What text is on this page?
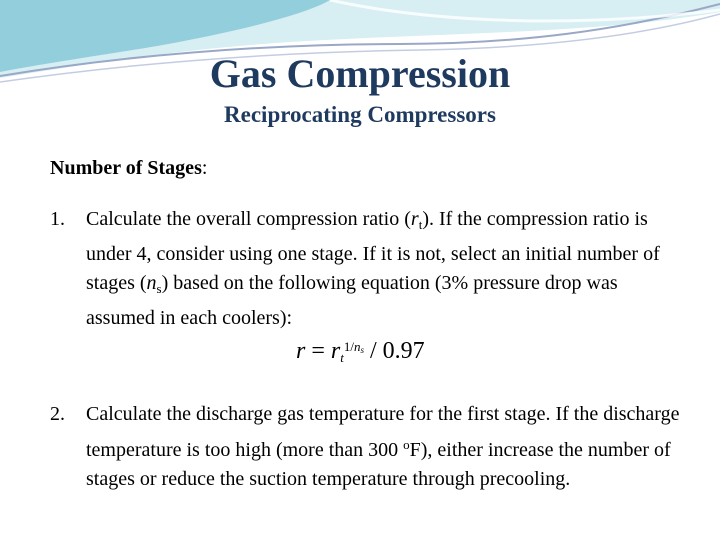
Gas Compression
Reciprocating Compressors
Number of Stages:
1. Calculate the overall compression ratio $(r_t)$. If the compression ratio is under 4, consider using one stage. If it is not, select an initial number of stages $(n_s)$ based on the following equation (3% pressure drop was assumed in each coolers):
$r = r_t^{1/n_s} / 0.97$
2. Calculate the discharge gas temperature for the first stage. If the discharge temperature is too high (more than 300 $^o$F), either increase the number of stages or reduce the suction temperature through precooling.
